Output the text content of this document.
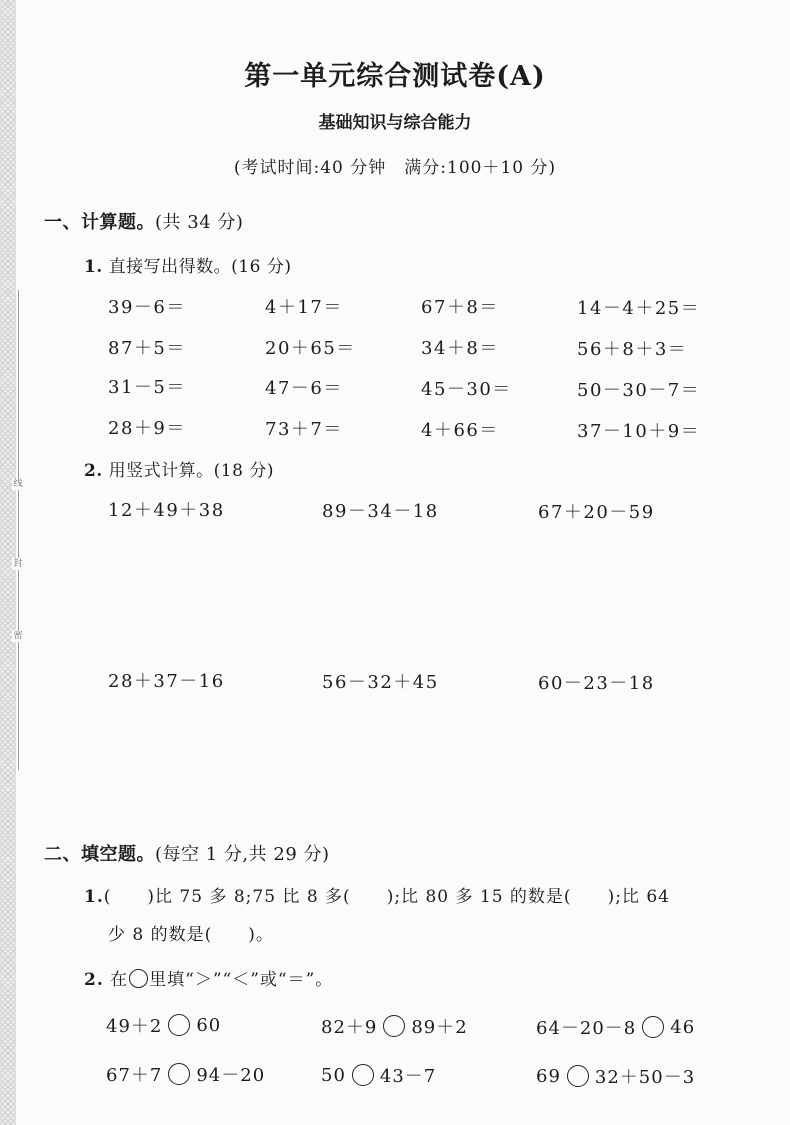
线
封
密
第一单元综合测试卷(A)
基础知识与综合能力
(考试时间:40 分钟　满分:100＋10 分)
一、计算题。(共 34 分)
1. 直接写出得数。(16 分)
39－6＝	4＋17＝	67＋8＝	14－4＋25＝
87＋5＝	20＋65＝	34＋8＝	56＋8＋3＝
31－5＝	47－6＝	45－30＝	50－30－7＝
28＋9＝	73＋7＝	4＋66＝	37－10＋9＝
2. 用竖式计算。(18 分)
12＋49＋38	89－34－18	67＋20－59
28＋37－16	56－32＋45	60－23－18
二、填空题。(每空 1 分,共 29 分)
1.(　　)比 75 多 8;75 比 8 多(　　);比 80 多 15 的数是(　　);比 64
少 8 的数是(　　)。
2. 在 里填“＞”“＜”或“＝”。
49＋2 60	82＋9 89＋2	64－20－8 46
67＋7 94－20	50 43－7	69 32＋50－3
